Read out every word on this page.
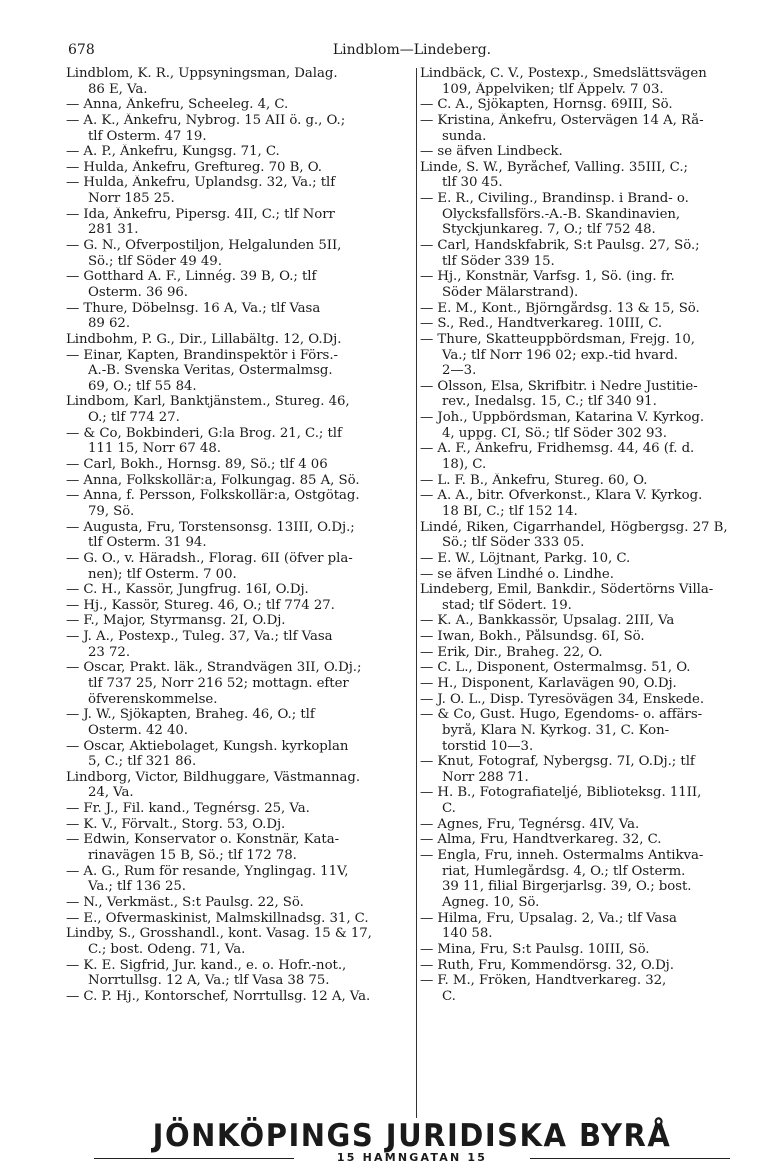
678	Lindblom—Lindeberg.
Lindblom, K. R., Uppsyningsman, Dalag.
86 E, Va.
— Anna, Änkefru, Scheeleg. 4, C.
— A. K., Änkefru, Nybrog. 15 AII ö. g., Ö.;
tlf Österm. 47 19.
— A. P., Änkefru, Kungsg. 71, C.
— Hulda, Änkefru, Greftureg. 70 B, Ö.
— Hulda, Änkefru, Uplandsg. 32, Va.; tlf
Norr 185 25.
— Ida, Änkefru, Pipersg. 4II, C.; tlf Norr
281 31.
— G. N., Öfverpostiljon, Helgalunden 5II,
Sö.; tlf Söder 49 49.
— Gotthard A. F., Linnég. 39 B, Ö.; tlf
Österm. 36 96.
— Thure, Döbelnsg. 16 A, Va.; tlf Vasa
89 62.
Lindbohm, P. G., Dir., Lillabältg. 12, Ö.Dj.
— Einar, Kapten, Brandinspektör i Förs.-
A.-B. Svenska Veritas, Östermalmsg.
69, Ö.; tlf 55 84.
Lindbom, Karl, Banktjänstem., Stureg. 46,
Ö.; tlf 774 27.
— & Co, Bokbinderi, G:la Brog. 21, C.; tlf
111 15, Norr 67 48.
— Carl, Bokh., Hornsg. 89, Sö.; tlf 4 06
— Anna, Folkskollär:a, Folkungag. 85 A, Sö.
— Anna, f. Persson, Folkskollär:a, Östgötag.
79, Sö.
— Augusta, Fru, Torstensonsg. 13III, Ö.Dj.;
tlf Österm. 31 94.
— G. O., v. Häradsh., Florag. 6II (öfver pla-
nen); tlf Österm. 7 00.
— C. H., Kassör, Jungfrug. 16I, Ö.Dj.
— Hj., Kassör, Stureg. 46, Ö.; tlf 774 27.
— F., Major, Styrmansg. 2I, Ö.Dj.
— J. A., Postexp., Tuleg. 37, Va.; tlf Vasa
23 72.
— Oscar, Prakt. läk., Strandvägen 3II, Ö.Dj.;
tlf 737 25, Norr 216 52; mottagn. efter
öfverenskommelse.
— J. W., Sjökapten, Braheg. 46, Ö.; tlf
Österm. 42 40.
— Oscar, Aktiebolaget, Kungsh. kyrkoplan
5, C.; tlf 321 86.
Lindborg, Victor, Bildhuggare, Västmannag.
24, Va.
— Fr. J., Fil. kand., Tegnérsg. 25, Va.
— K. V., Förvalt., Storg. 53, Ö.Dj.
— Edwin, Konservator o. Konstnär, Kata-
rinavägen 15 B, Sö.; tlf 172 78.
— A. G., Rum för resande, Ynglingag. 11V,
Va.; tlf 136 25.
— N., Verkmäst., S:t Paulsg. 22, Sö.
— E., Öfvermaskinist, Malmskillnadsg. 31, C.
Lindby, S., Grosshandl., kont. Vasag. 15 & 17,
C.; bost. Odeng. 71, Va.
— K. E. Sigfrid, Jur. kand., e. o. Hofr.-not.,
Norrtullsg. 12 A, Va.; tlf Vasa 38 75.
— C. P. Hj., Kontorschef, Norrtullsg. 12 A, Va.
Lindbäck, C. V., Postexp., Smedslättsvägen
109, Äppelviken; tlf Äppelv. 7 03.
— C. A., Sjökapten, Hornsg. 69III, Sö.
— Kristina, Änkefru, Östervägen 14 A, Rå-
sunda.
— se äfven Lindbeck.
Linde, S. W., Byråchef, Valling. 35III, C.;
tlf 30 45.
— E. R., Civiling., Brandinsp. i Brand- o.
Olycksfallsförs.-A.-B. Skandinavien,
Styckjunkareg. 7, Ö.; tlf 752 48.
— Carl, Handskfabrik, S:t Paulsg. 27, Sö.;
tlf Söder 339 15.
— Hj., Konstnär, Varfsg. 1, Sö. (ing. fr.
Söder Mälarstrand).
— E. M., Kont., Björngårdsg. 13 & 15, Sö.
— S., Red., Handtverkareg. 10III, C.
— Thure, Skatteuppbördsman, Frejg. 10,
Va.; tlf Norr 196 02; exp.-tid hvard.
2—3.
— Olsson, Elsa, Skrifbitr. i Nedre Justitie-
rev., Inedalsg. 15, C.; tlf 340 91.
— Joh., Uppbördsman, Katarina V. Kyrkog.
4, uppg. CI, Sö.; tlf Söder 302 93.
— A. F., Änkefru, Fridhemsg. 44, 46 (f. d.
18), C.
— L. F. B., Änkefru, Stureg. 60, Ö.
— A. A., bitr. Öfverkonst., Klara V. Kyrkog.
18 BI, C.; tlf 152 14.
Lindé, Riken, Cigarrhandel, Högbergsg. 27 B,
Sö.; tlf Söder 333 05.
— E. W., Löjtnant, Parkg. 10, C.
— se äfven Lindhé o. Lindhe.
Lindeberg, Emil, Bankdir., Södertörns Villa-
stad; tlf Södert. 19.
— K. A., Bankkassör, Upsalag. 2III, Va
— Iwan, Bokh., Pålsundsg. 6I, Sö.
— Erik, Dir., Braheg. 22, Ö.
— C. L., Disponent, Östermalmsg. 51, Ö.
— H., Disponent, Karlavägen 90, Ö.Dj.
— J. O. L., Disp. Tyresövägen 34, Enskede.
— & Co, Gust. Hugo, Egendoms- o. affärs-
byrå, Klara N. Kyrkog. 31, C. Kon-
torstid 10—3.
— Knut, Fotograf, Nybergsg. 7I, Ö.Dj.; tlf
Norr 288 71.
— H. B., Fotografiateljé, Biblioteksg. 11II,
C.
— Agnes, Fru, Tegnérsg. 4IV, Va.
— Alma, Fru, Handtverkareg. 32, C.
— Engla, Fru, inneh. Östermalms Antikva-
riat, Humlegårdsg. 4, Ö.; tlf Österm.
39 11, filial Birgerjarlsg. 39, Ö.; bost.
Agneg. 10, Sö.
— Hilma, Fru, Upsalag. 2, Va.; tlf Vasa
140 58.
— Mina, Fru, S:t Paulsg. 10III, Sö.
— Ruth, Fru, Kommendörsg. 32, Ö.Dj.
— F. M., Fröken, Handtverkareg. 32,
C.
JÖNKÖPINGS JURIDISKA BYRÅ
15 HAMNGATAN 15
